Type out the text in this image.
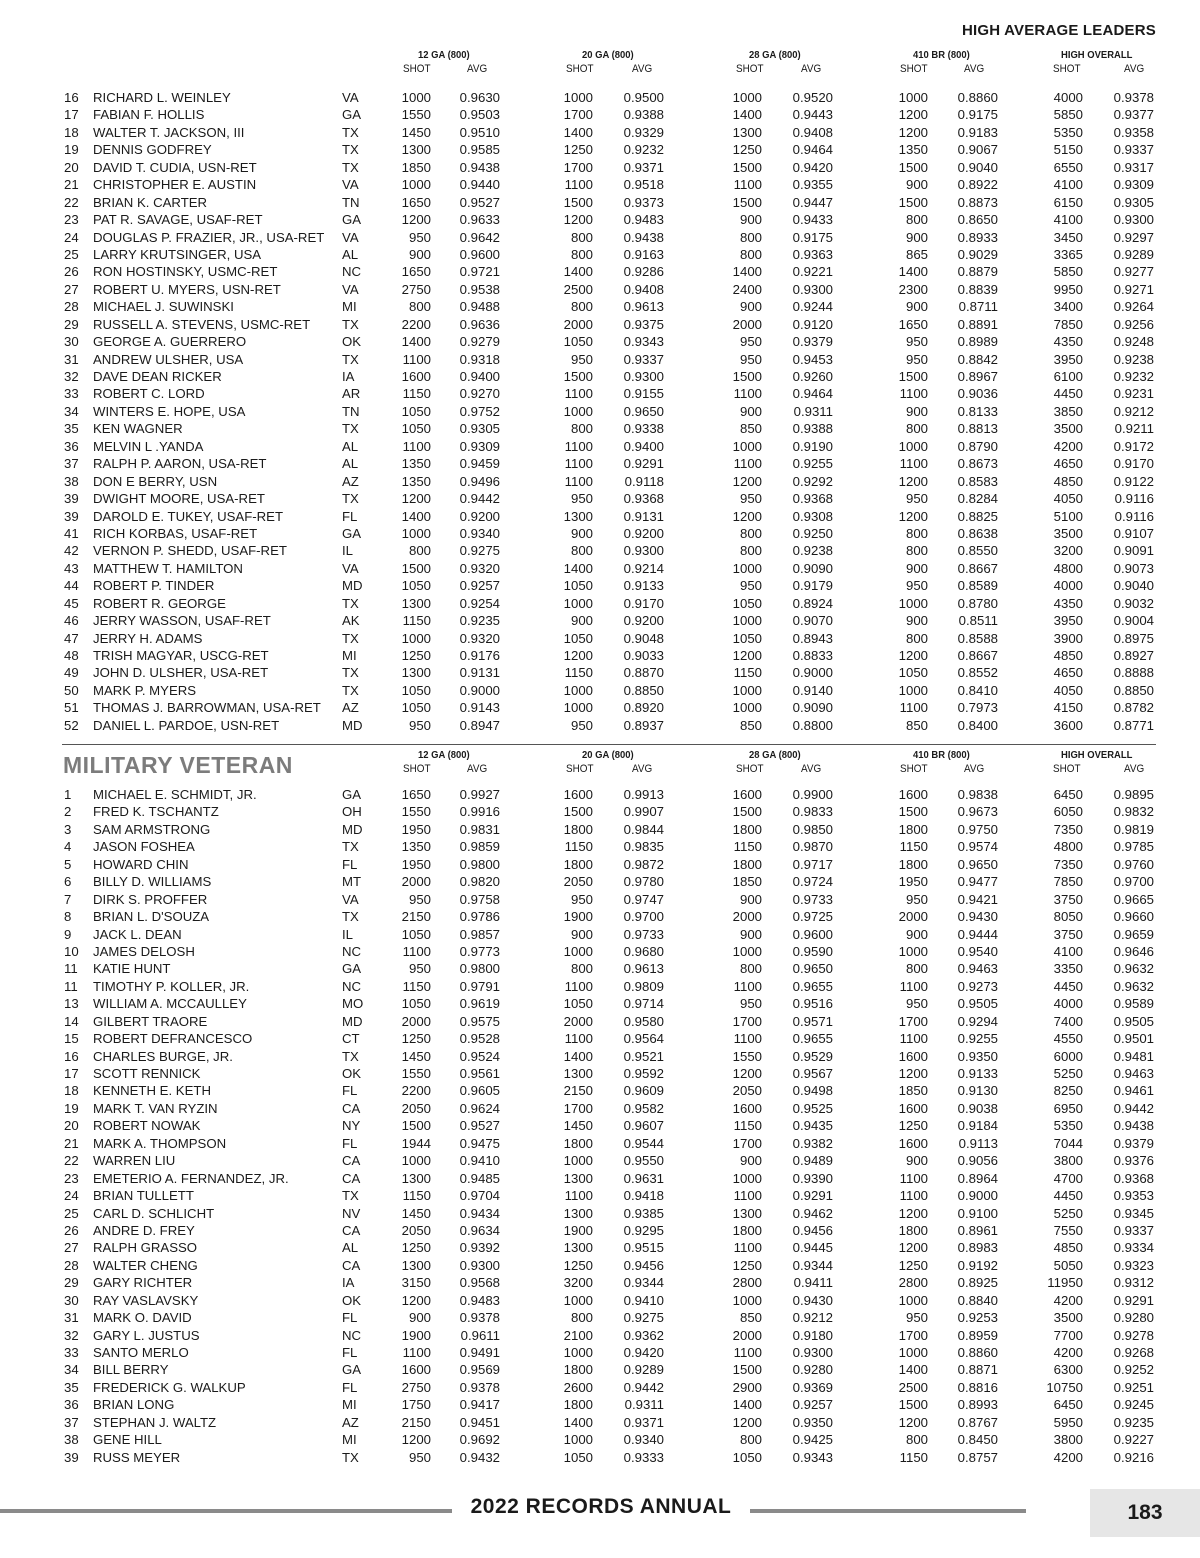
HIGH AVERAGE LEADERS
12 GA (800)	20 GA (800)	28 GA (800)	410 BR (800)	HIGH OVERALL
SHOT	AVG	SHOT	AVG	SHOT	AVG	SHOT	AVG	SHOT	AVG
16 RICHARD L. WEINLEY	VA	1000 0.9630	1000 0.9500	1000 0.9520	1000 0.8860	4000 0.9378
17 FABIAN F. HOLLIS	GA	1550 0.9503	1700 0.9388	1400 0.9443	1200 0.9175	5850 0.9377
18 WALTER T. JACKSON, III	TX	1450 0.9510	1400 0.9329	1300 0.9408	1200 0.9183	5350 0.9358
19 DENNIS GODFREY	TX	1300 0.9585	1250 0.9232	1250 0.9464	1350 0.9067	5150 0.9337
20 DAVID T. CUDIA, USN-RET	TX	1850 0.9438	1700 0.9371	1500 0.9420	1500 0.9040	6550 0.9317
21 CHRISTOPHER E. AUSTIN	VA	1000 0.9440	1100 0.9518	1100 0.9355	900 0.8922	4100 0.9309
22 BRIAN K. CARTER	TN	1650 0.9527	1500 0.9373	1500 0.9447	1500 0.8873	6150 0.9305
23 PAT R. SAVAGE, USAF-RET	GA	1200 0.9633	1200 0.9483	900 0.9433	800 0.8650	4100 0.9300
24 DOUGLAS P. FRAZIER, JR., USA-RET VA	950 0.9642	800 0.9438	800 0.9175	900 0.8933	3450 0.9297
25 LARRY KRUTSINGER, USA	AL	900 0.9600	800 0.9163	800 0.9363	865 0.9029	3365 0.9289
26 RON HOSTINSKY, USMC-RET	NC	1650 0.9721	1400 0.9286	1400 0.9221	1400 0.8879	5850 0.9277
27 ROBERT U. MYERS, USN-RET	VA	2750 0.9538	2500 0.9408	2400 0.9300	2300 0.8839	9950 0.9271
28 MICHAEL J. SUWINSKI	MI	800 0.9488	800 0.9613	900 0.9244	900 0.8711	3400 0.9264
29 RUSSELL A. STEVENS, USMC-RET TX	2200 0.9636	2000 0.9375	2000 0.9120	1650 0.8891	7850 0.9256
30 GEORGE A. GUERRERO	OK	1400 0.9279	1050 0.9343	950 0.9379	950 0.8989	4350 0.9248
31 ANDREW ULSHER, USA	TX	1100 0.9318	950 0.9337	950 0.9453	950 0.8842	3950 0.9238
32 DAVE DEAN RICKER	IA	1600 0.9400	1500 0.9300	1500 0.9260	1500 0.8967	6100 0.9232
33 ROBERT C. LORD	AR	1150 0.9270	1100 0.9155	1100 0.9464	1100 0.9036	4450 0.9231
34 WINTERS E. HOPE, USA	TN	1050 0.9752	1000 0.9650	900 0.9311	900 0.8133	3850 0.9212
35 KEN WAGNER	TX	1050 0.9305	800 0.9338	850 0.9388	800 0.8813	3500 0.9211
36 MELVIN L .YANDA	AL	1100 0.9309	1100 0.9400	1000 0.9190	1000 0.8790	4200 0.9172
37 RALPH P. AARON, USA-RET	AL	1350 0.9459	1100 0.9291	1100 0.9255	1100 0.8673	4650 0.9170
38 DON E BERRY, USN	AZ	1350 0.9496	1100 0.9118	1200 0.9292	1200 0.8583	4850 0.9122
39 DWIGHT MOORE, USA-RET	TX	1200 0.9442	950 0.9368	950 0.9368	950 0.8284	4050 0.9116
39 DAROLD E. TUKEY, USAF-RET	FL	1400 0.9200	1300 0.9131	1200 0.9308	1200 0.8825	5100 0.9116
41 RICH KORBAS, USAF-RET	GA	1000 0.9340	900 0.9200	800 0.9250	800 0.8638	3500 0.9107
42 VERNON P. SHEDD, USAF-RET	IL	800 0.9275	800 0.9300	800 0.9238	800 0.8550	3200 0.9091
43 MATTHEW T. HAMILTON	VA	1500 0.9320	1400 0.9214	1000 0.9090	900 0.8667	4800 0.9073
44 ROBERT P. TINDER	MD	1050 0.9257	1050 0.9133	950 0.9179	950 0.8589	4000 0.9040
45 ROBERT R. GEORGE	TX	1300 0.9254	1000 0.9170	1050 0.8924	1000 0.8780	4350 0.9032
46 JERRY WASSON, USAF-RET	AK	1150 0.9235	900 0.9200	1000 0.9070	900 0.8511	3950 0.9004
47 JERRY H. ADAMS	TX	1000 0.9320	1050 0.9048	1050 0.8943	800 0.8588	3900 0.8975
48 TRISH MAGYAR, USCG-RET	MI	1250 0.9176	1200 0.9033	1200 0.8833	1200 0.8667	4850 0.8927
49 JOHN D. ULSHER, USA-RET	TX	1300 0.9131	1150 0.8870	1150 0.9000	1050 0.8552	4650 0.8888
50 MARK P. MYERS	TX	1050 0.9000	1000 0.8850	1000 0.9140	1000 0.8410	4050 0.8850
51 THOMAS J. BARROWMAN, USA-RET AZ	1050 0.9143	1000 0.8920	1000 0.9090	1100 0.7973	4150 0.8782
52 DANIEL L. PARDOE, USN-RET	MD	950 0.8947	950 0.8937	850 0.8800	850 0.8400	3600 0.8771
MILITARY VETERAN	12 GA (800)	20 GA (800)	28 GA (800)	410 BR (800)	HIGH OVERALL
SHOT	AVG	SHOT	AVG	SHOT	AVG	SHOT	AVG	SHOT	AVG
1 MICHAEL E. SCHMIDT, JR.	GA	1650 0.9927	1600 0.9913	1600 0.9900	1600 0.9838	6450 0.9895
2 FRED K. TSCHANTZ	OH	1550 0.9916	1500 0.9907	1500 0.9833	1500 0.9673	6050 0.9832
3 SAM ARMSTRONG	MD	1950 0.9831	1800 0.9844	1800 0.9850	1800 0.9750	7350 0.9819
4 JASON FOSHEA	TX	1350 0.9859	1150 0.9835	1150 0.9870	1150 0.9574	4800 0.9785
5 HOWARD CHIN	FL	1950 0.9800	1800 0.9872	1800 0.9717	1800 0.9650	7350 0.9760
6 BILLY D. WILLIAMS	MT	2000 0.9820	2050 0.9780	1850 0.9724	1950 0.9477	7850 0.9700
7 DIRK S. PROFFER	VA	950 0.9758	950 0.9747	900 0.9733	950 0.9421	3750 0.9665
8 BRIAN L. D'SOUZA	TX	2150 0.9786	1900 0.9700	2000 0.9725	2000 0.9430	8050 0.9660
9 JACK L. DEAN	IL	1050 0.9857	900 0.9733	900 0.9600	900 0.9444	3750 0.9659
10 JAMES DELOSH	NC	1100 0.9773	1000 0.9680	1000 0.9590	1000 0.9540	4100 0.9646
11 KATIE HUNT	GA	950 0.9800	800 0.9613	800 0.9650	800 0.9463	3350 0.9632
11 TIMOTHY P. KOLLER, JR.	NC	1150 0.9791	1100 0.9809	1100 0.9655	1100 0.9273	4450 0.9632
13 WILLIAM A. MCCAULLEY	MO	1050 0.9619	1050 0.9714	950 0.9516	950 0.9505	4000 0.9589
14 GILBERT TRAORE	MD	2000 0.9575	2000 0.9580	1700 0.9571	1700 0.9294	7400 0.9505
15 ROBERT DEFRANCESCO	CT	1250 0.9528	1100 0.9564	1100 0.9655	1100 0.9255	4550 0.9501
16 CHARLES BURGE, JR.	TX	1450 0.9524	1400 0.9521	1550 0.9529	1600 0.9350	6000 0.9481
17 SCOTT RENNICK	OK	1550 0.9561	1300 0.9592	1200 0.9567	1200 0.9133	5250 0.9463
18 KENNETH E. KETH	FL	2200 0.9605	2150 0.9609	2050 0.9498	1850 0.9130	8250 0.9461
19 MARK T. VAN RYZIN	CA	2050 0.9624	1700 0.9582	1600 0.9525	1600 0.9038	6950 0.9442
20 ROBERT NOWAK	NY	1500 0.9527	1450 0.9607	1150 0.9435	1250 0.9184	5350 0.9438
21 MARK A. THOMPSON	FL	1944 0.9475	1800 0.9544	1700 0.9382	1600 0.9113	7044 0.9379
22 WARREN LIU	CA	1000 0.9410	1000 0.9550	900 0.9489	900 0.9056	3800 0.9376
23 EMETERIO A. FERNANDEZ, JR.	CA	1300 0.9485	1300 0.9631	1000 0.9390	1100 0.8964	4700 0.9368
24 BRIAN TULLETT	TX	1150 0.9704	1100 0.9418	1100 0.9291	1100 0.9000	4450 0.9353
25 CARL D. SCHLICHT	NV	1450 0.9434	1300 0.9385	1300 0.9462	1200 0.9100	5250 0.9345
26 ANDRE D. FREY	CA	2050 0.9634	1900 0.9295	1800 0.9456	1800 0.8961	7550 0.9337
27 RALPH GRASSO	AL	1250 0.9392	1300 0.9515	1100 0.9445	1200 0.8983	4850 0.9334
28 WALTER CHENG	CA	1300 0.9300	1250 0.9456	1250 0.9344	1250 0.9192	5050 0.9323
29 GARY RICHTER	IA	3150 0.9568	3200 0.9344	2800 0.9411	2800 0.8925	11950 0.9312
30 RAY VASLAVSKY	OK	1200 0.9483	1000 0.9410	1000 0.9430	1000 0.8840	4200 0.9291
31 MARK O. DAVID	FL	900 0.9378	800 0.9275	850 0.9212	950 0.9253	3500 0.9280
32 GARY L. JUSTUS	NC	1900 0.9611	2100 0.9362	2000 0.9180	1700 0.8959	7700 0.9278
33 SANTO MERLO	FL	1100 0.9491	1000 0.9420	1100 0.9300	1000 0.8860	4200 0.9268
34 BILL BERRY	GA	1600 0.9569	1800 0.9289	1500 0.9280	1400 0.8871	6300 0.9252
35 FREDERICK G. WALKUP	FL	2750 0.9378	2600 0.9442	2900 0.9369	2500 0.8816	10750 0.9251
36 BRIAN LONG	MI	1750 0.9417	1800 0.9311	1400 0.9257	1500 0.8993	6450 0.9245
37 STEPHAN J. WALTZ	AZ	2150 0.9451	1400 0.9371	1200 0.9350	1200 0.8767	5950 0.9235
38 GENE HILL	MI	1200 0.9692	1000 0.9340	800 0.9425	800 0.8450	3800 0.9227
39 RUSS MEYER	TX	950 0.9432	1050 0.9333	1050 0.9343	1150 0.8757	4200 0.9216
2022 RECORDS ANNUAL	183
